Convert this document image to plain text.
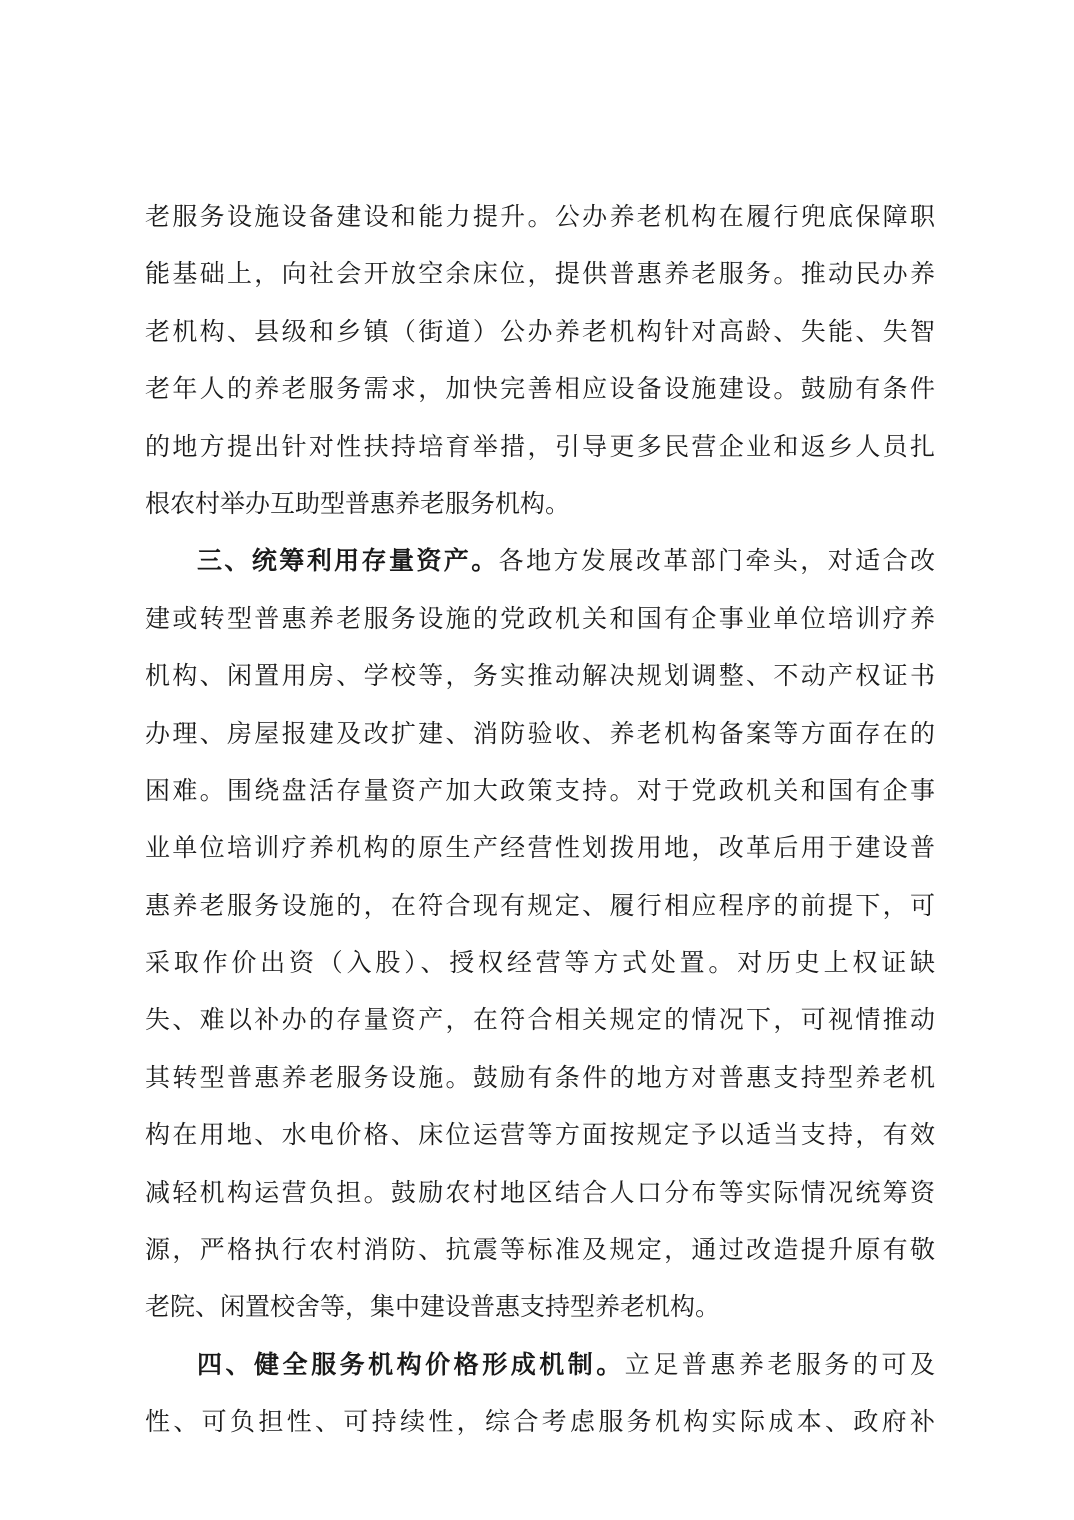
老服务设施设备建设和能力提升。公办养老机构在履行兜底保障职
能基础上，向社会开放空余床位，提供普惠养老服务。推动民办养
老机构、县级和乡镇（街道）公办养老机构针对高龄、失能、失智
老年人的养老服务需求，加快完善相应设备设施建设。鼓励有条件
的地方提出针对性扶持培育举措，引导更多民营企业和返乡人员扎
根农村举办互助型普惠养老服务机构。
三、统筹利用存量资产。各地方发展改革部门牵头，对适合改
建或转型普惠养老服务设施的党政机关和国有企事业单位培训疗养
机构、闲置用房、学校等，务实推动解决规划调整、不动产权证书
办理、房屋报建及改扩建、消防验收、养老机构备案等方面存在的
困难。围绕盘活存量资产加大政策支持。对于党政机关和国有企事
业单位培训疗养机构的原生产经营性划拨用地，改革后用于建设普
惠养老服务设施的，在符合现有规定、履行相应程序的前提下，可
采取作价出资（入股）、授权经营等方式处置。对历史上权证缺
失、难以补办的存量资产，在符合相关规定的情况下，可视情推动
其转型普惠养老服务设施。鼓励有条件的地方对普惠支持型养老机
构在用地、水电价格、床位运营等方面按规定予以适当支持，有效
减轻机构运营负担。鼓励农村地区结合人口分布等实际情况统筹资
源，严格执行农村消防、抗震等标准及规定，通过改造提升原有敬
老院、闲置校舍等，集中建设普惠支持型养老机构。
四、健全服务机构价格形成机制。立足普惠养老服务的可及
性、可负担性、可持续性，综合考虑服务机构实际成本、政府补
